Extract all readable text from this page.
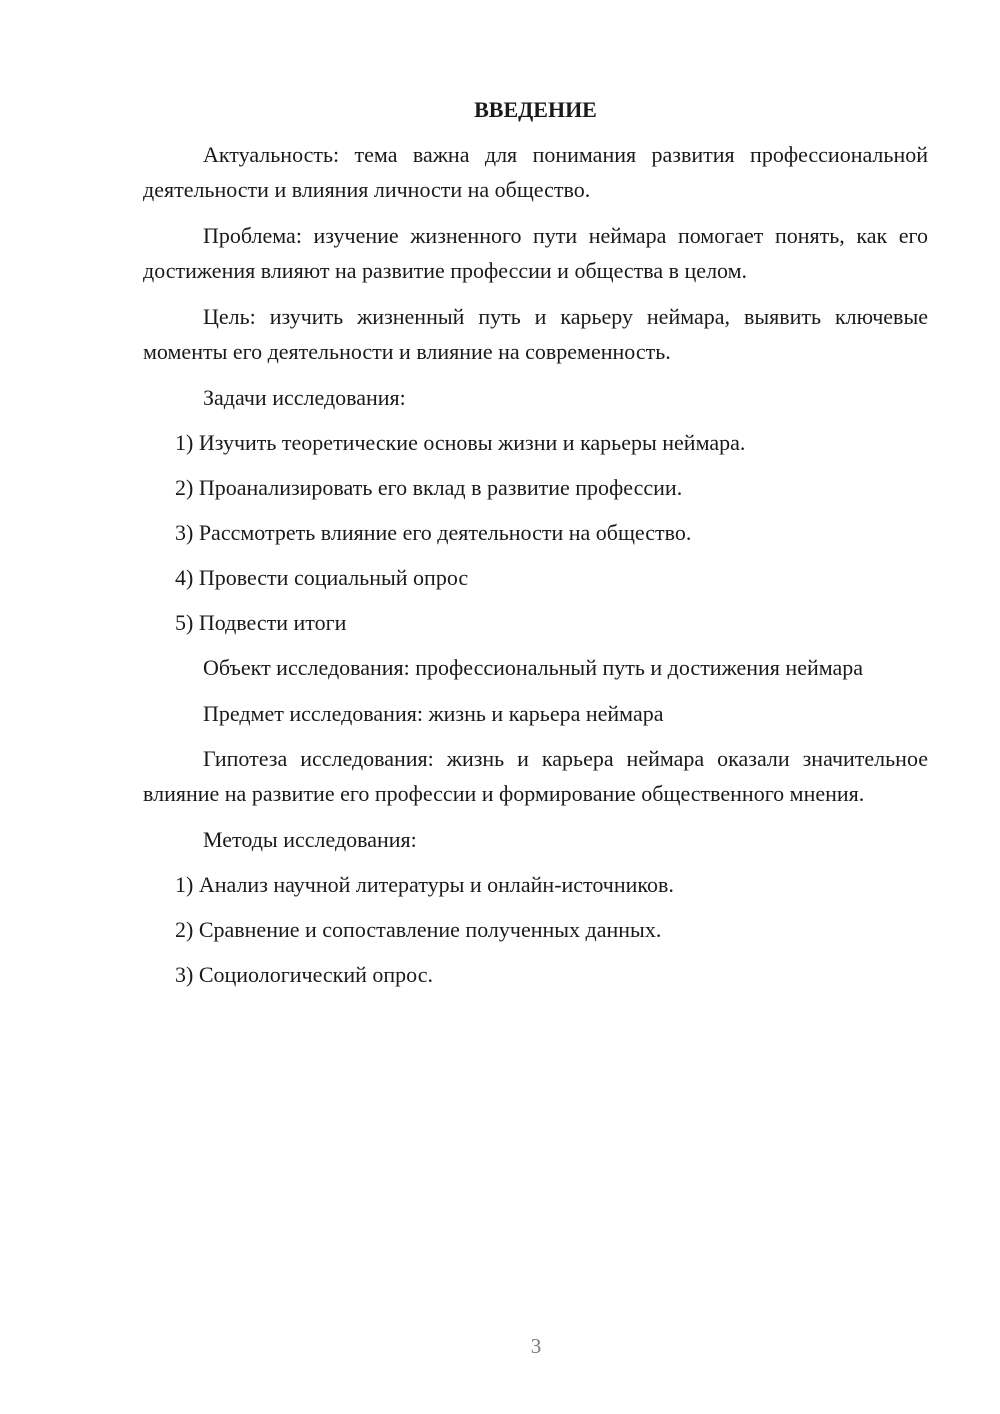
ВВЕДЕНИЕ

Актуальность: тема важна для понимания развития профессиональной деятельности и влияния личности на общество.

Проблема: изучение жизненного пути неймара помогает понять, как его достижения влияют на развитие профессии и общества в целом.

Цель: изучить жизненный путь и карьеру неймара, выявить ключевые моменты его деятельности и влияние на современность.

Задачи исследования:

1) Изучить теоретические основы жизни и карьеры неймара.
2) Проанализировать его вклад в развитие профессии.
3) Рассмотреть влияние его деятельности на общество.
4) Провести социальный опрос
5) Подвести итоги

Объект исследования: профессиональный путь и достижения неймара

Предмет исследования: жизнь и карьера неймара

Гипотеза исследования: жизнь и карьера неймара оказали значительное влияние на развитие его профессии и формирование общественного мнения.

Методы исследования:

1) Анализ научной литературы и онлайн-источников.
2) Сравнение и сопоставление полученных данных.
3) Социологический опрос.
3
